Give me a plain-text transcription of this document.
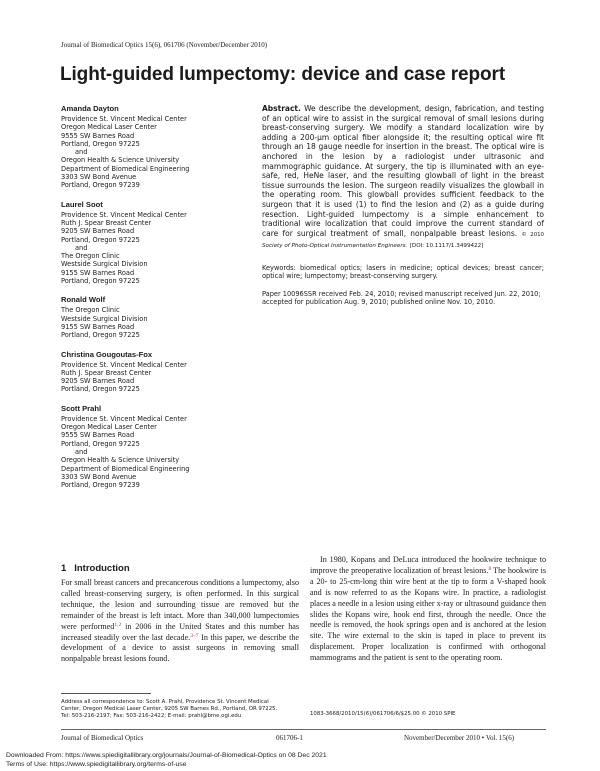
Journal of Biomedical Optics 15(6), 061706 (November/December 2010)
Light-guided lumpectomy: device and case report
Amanda Dayton
Providence St. Vincent Medical Center
Oregon Medical Laser Center
9555 SW Barnes Road
Portland, Oregon 97225
and
Oregon Health & Science University
Department of Biomedical Engineering
3303 SW Bond Avenue
Portland, Oregon 97239
Laurel Soot
Providence St. Vincent Medical Center
Ruth J. Spear Breast Center
9205 SW Barnes Road
Portland, Oregon 97225
and
The Oregon Clinic
Westside Surgical Division
9155 SW Barnes Road
Portland, Oregon 97225
Ronald Wolf
The Oregon Clinic
Westside Surgical Division
9155 SW Barnes Road
Portland, Oregon 97225
Christina Gougoutas-Fox
Providence St. Vincent Medical Center
Ruth J. Spear Breast Center
9205 SW Barnes Road
Portland, Oregon 97225
Scott Prahl
Providence St. Vincent Medical Center
Oregon Medical Laser Center
9555 SW Barnes Road
Portland, Oregon 97225
and
Oregon Health & Science University
Department of Biomedical Engineering
3303 SW Bond Avenue
Portland, Oregon 97239
Abstract. We describe the development, design, fabrication, and testing of an optical wire to assist in the surgical removal of small lesions during breast-conserving surgery. We modify a standard localization wire by adding a 200-μm optical fiber alongside it; the resulting optical wire fit through an 18 gauge needle for insertion in the breast. The optical wire is anchored in the lesion by a radiologist under ultrasonic and mammographic guidance. At surgery, the tip is illuminated with an eye-safe, red, HeNe laser, and the resulting glowball of light in the breast tissue surrounds the lesion. The surgeon readily visualizes the glowball in the operating room. This glowball provides sufficient feedback to the surgeon that it is used (1) to find the lesion and (2) as a guide during resection. Light-guided lumpectomy is a simple enhancement to traditional wire localization that could improve the current standard of care for surgical treatment of small, nonpalpable breast lesions. © 2010 Society of Photo-Optical Instrumentation Engineers. [DOI: 10.1117/1.3499422]
Keywords: biomedical optics; lasers in medicine; optical devices; breast cancer; optical wire; lumpectomy; breast-conserving surgery.
Paper 10096SSR received Feb. 24, 2010; revised manuscript received Jun. 22, 2010; accepted for publication Aug. 9, 2010; published online Nov. 10, 2010.
1 Introduction

For small breast cancers and precancerous conditions a lumpectomy, also called breast-conserving surgery, is often performed. In this surgical technique, the lesion and surrounding tissue are removed but the remainder of the breast is left intact. More than 340,000 lumpectomies were performed$^{1,2}$ in 2006 in the United States and this number has increased steadily over the last decade.$^{3-7}$ In this paper, we describe the development of a device to assist surgeons in removing small nonpalpable breast lesions found.

In 1980, Kopans and DeLuca introduced the hookwire technique to improve the preoperative localization of breast lesions.$^8$ The hookwire is a 20- to 25-cm-long thin wire bent at the tip to form a V-shaped hook and is now referred to as the Kopans wire. In practice, a radiologist places a needle in a lesion using either x-ray or ultrasound guidance then slides the Kopans wire, hook end first, through the needle. Once the needle is removed, the hook springs open and is anchored at the lesion site. The wire external to the skin is taped in place to prevent its displacement. Proper localization is confirmed with orthogonal mammograms and the patient is sent to the operating room.

Address all correspondence to: Scott A. Prahl, Providence St. Vincent Medical
Center, Oregon Medical Laser Center, 9205 SW Barnes Rd., Portland, OR 97225.
Tel: 503-216-2197; Fax: 503-216-2422; E-mail: prahl@bme.ogi.edu	1083-3668/2010/15(6)/061706/6/$25.00 © 2010 SPIE
Journal of Biomedical Optics	061706-1	November/December 2010 • Vol. 15(6)
Downloaded From: https://www.spiedigitallibrary.org/journals/Journal-of-Biomedical-Optics on 08 Dec 2021
Terms of Use: https://www.spiedigitallibrary.org/terms-of-use
